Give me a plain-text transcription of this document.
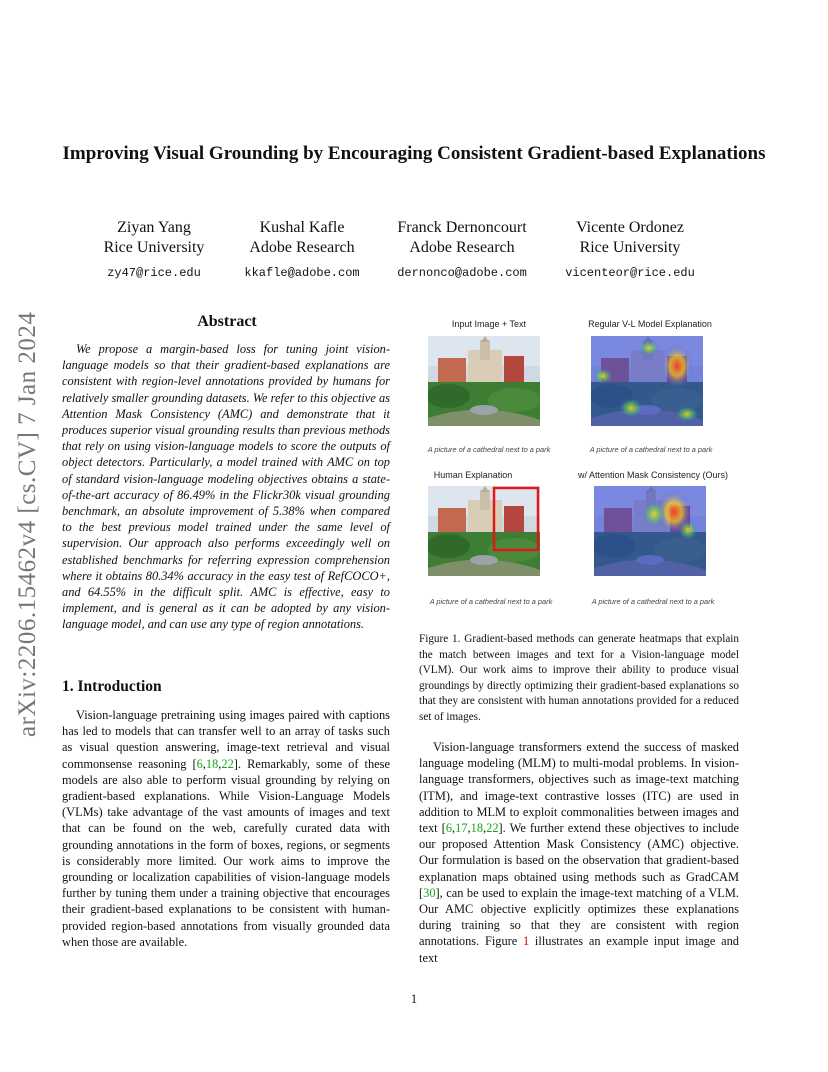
arXiv:2206.15462v4 [cs.CV] 7 Jan 2024
Improving Visual Grounding by Encouraging Consistent Gradient-based Explanations
Ziyan Yang
Rice University
zy47@rice.edu
Kushal Kafle
Adobe Research
kkafle@adobe.com
Franck Dernoncourt
Adobe Research
dernonco@adobe.com
Vicente Ordonez
Rice University
vicenteor@rice.edu
Abstract
We propose a margin-based loss for tuning joint vision-language models so that their gradient-based explanations are consistent with region-level annotations provided by humans for relatively smaller grounding datasets. We refer to this objective as Attention Mask Consistency (AMC) and demonstrate that it produces superior visual grounding results than previous methods that rely on using vision-language models to score the outputs of object detectors. Particularly, a model trained with AMC on top of standard vision-language modeling objectives obtains a state-of-the-art accuracy of 86.49% in the Flickr30k visual grounding benchmark, an absolute improvement of 5.38% when compared to the best previous model trained under the same level of supervision. Our approach also performs exceedingly well on established benchmarks for referring expression comprehension where it obtains 80.34% accuracy in the easy test of RefCOCO+, and 64.55% in the difficult split. AMC is effective, easy to implement, and is general as it can be adopted by any vision-language model, and can use any type of region annotations.
1. Introduction
Vision-language pretraining using images paired with captions has led to models that can transfer well to an array of tasks such as visual question answering, image-text retrieval and visual commonsense reasoning [6,18,22]. Remarkably, some of these models are also able to perform visual grounding by relying on gradient-based explanations. While Vision-Language Models (VLMs) take advantage of the vast amounts of images and text that can be found on the web, carefully curated data with grounding annotations in the form of boxes, regions, or segments is considerably more limited. Our work aims to improve the grounding or localization capabilities of vision-language models further by tuning them under a training objective that encourages their gradient-based explanations to be consistent with human-provided region-based annotations from visually grounded data when those are available.
Input Image + Text
A picture of a cathedral next to a park
Regular V-L Model Explanation
A picture of a cathedral next to a park
Human Explanation
A picture of a cathedral next to a park
w/ Attention Mask Consistency (Ours)
A picture of a cathedral next to a park
Figure 1. Gradient-based methods can generate heatmaps that explain the match between images and text for a Vision-language model (VLM). Our work aims to improve their ability to produce visual groundings by directly optimizing their gradient-based explanations so that they are consistent with human annotations provided for a reduced set of images.
Vision-language transformers extend the success of masked language modeling (MLM) to multi-modal problems. In vision-language transformers, objectives such as image-text matching (ITM), and image-text contrastive losses (ITC) are used in addition to MLM to exploit commonalities between images and text [6,17,18,22]. We further extend these objectives to include our proposed Attention Mask Consistency (AMC) objective. Our formulation is based on the observation that gradient-based explanation maps obtained using methods such as GradCAM [30], can be used to explain the image-text matching of a VLM. Our AMC objective explicitly optimizes these explanations during training so that they are consistent with region annotations. Figure 1 illustrates an example input image and text
1
